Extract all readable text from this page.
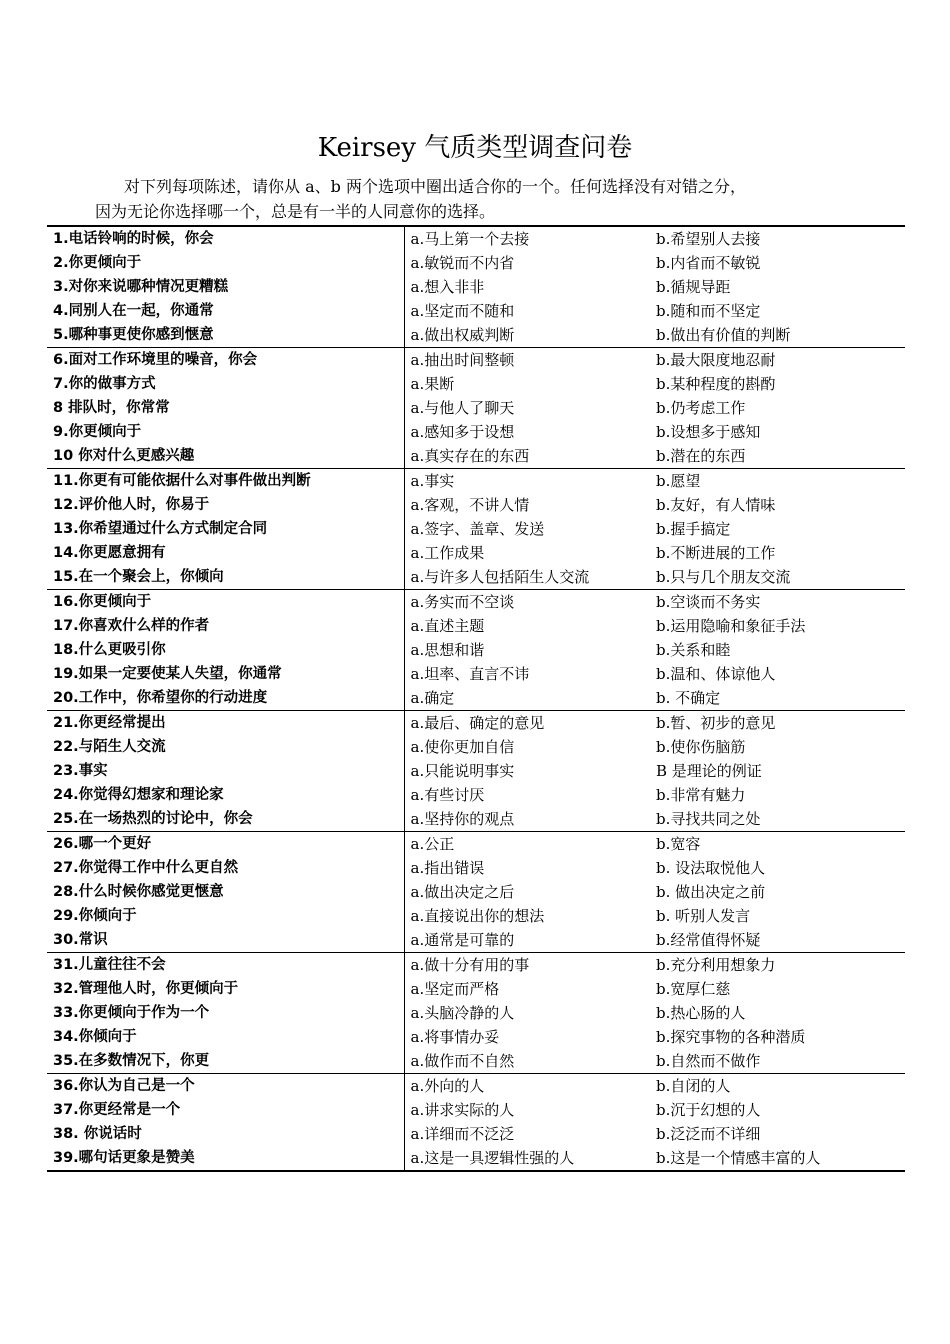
Keirsey 气质类型调查问卷
对下列每项陈述，请你从 a、b 两个选项中圈出适合你的一个。任何选择没有对错之分，
因为无论你选择哪一个，总是有一半的人同意你的选择。
1.电话铃响的时候，你会	a.马上第一个去接	b.希望别人去接
2.你更倾向于	a.敏锐而不内省	b.内省而不敏锐
3.对你来说哪种情况更糟糕	a.想入非非	b.循规导距
4.同别人在一起，你通常	a.坚定而不随和	b.随和而不坚定
5.哪种事更使你感到惬意	a.做出权威判断	b.做出有价值的判断
6.面对工作环境里的噪音，你会	a.抽出时间整顿	b.最大限度地忍耐
7.你的做事方式	a.果断	b.某种程度的斟酌
8 排队时，你常常	a.与他人了聊天	b.仍考虑工作
9.你更倾向于	a.感知多于设想	b.设想多于感知
10 你对什么更感兴趣	a.真实存在的东西	b.潜在的东西
11.你更有可能依据什么对事件做出判断	a.事实	b.愿望
12.评价他人时，你易于	a.客观，不讲人情	b.友好，有人情味
13.你希望通过什么方式制定合同	a.签字、盖章、发送	b.握手搞定
14.你更愿意拥有	a.工作成果	b.不断进展的工作
15.在一个聚会上，你倾向	a.与许多人包括陌生人交流	b.只与几个朋友交流
16.你更倾向于	a.务实而不空谈	b.空谈而不务实
17.你喜欢什么样的作者	a.直述主题	b.运用隐喻和象征手法
18.什么更吸引你	a.思想和谐	b.关系和睦
19.如果一定要使某人失望，你通常	a.坦率、直言不讳	b.温和、体谅他人
20.工作中，你希望你的行动进度	a.确定	b. 不确定
21.你更经常提出	a.最后、确定的意见	b.暂、初步的意见
22.与陌生人交流	a.使你更加自信	b.使你伤脑筋
23.事实	a.只能说明事实	B 是理论的例证
24.你觉得幻想家和理论家	a.有些讨厌	b.非常有魅力
25.在一场热烈的讨论中，你会	a.坚持你的观点	b.寻找共同之处
26.哪一个更好	a.公正	b.宽容
27.你觉得工作中什么更自然	a.指出错误	b. 设法取悦他人
28.什么时候你感觉更惬意	a.做出决定之后	b. 做出决定之前
29.你倾向于	a.直接说出你的想法	b. 听别人发言
30.常识	a.通常是可靠的	b.经常值得怀疑
31.儿童往往不会	a.做十分有用的事	b.充分利用想象力
32.管理他人时，你更倾向于	a.坚定而严格	b.宽厚仁慈
33.你更倾向于作为一个	a.头脑冷静的人	b.热心肠的人
34.你倾向于	a.将事情办妥	b.探究事物的各种潜质
35.在多数情况下，你更	a.做作而不自然	b.自然而不做作
36.你认为自己是一个	a.外向的人	b.自闭的人
37.你更经常是一个	a.讲求实际的人	b.沉于幻想的人
38. 你说话时	a.详细而不泛泛	b.泛泛而不详细
39.哪句话更象是赞美	a.这是一具逻辑性强的人	b.这是一个情感丰富的人
